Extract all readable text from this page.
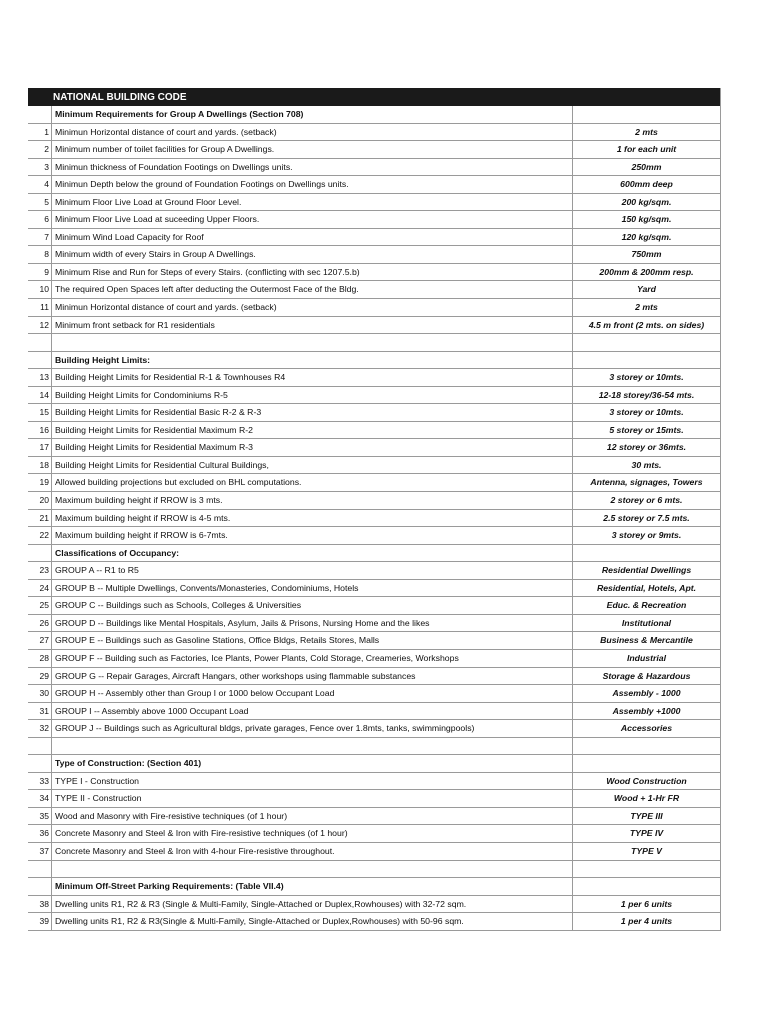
NATIONAL BUILDING CODE
Minimum Requirements for Group A Dwellings (Section 708)
1 Minimun Horizontal distance of court and yards. (setback)	2 mts
2 Minimum number of toilet facilities for Group A Dwellings.	1 for each unit
3 Minimun thickness of Foundation Footings on Dwellings units.	250mm
4 Minimun Depth below the ground of Foundation Footings on Dwellings units.	600mm deep
5 Minimum Floor Live Load at Ground Floor Level.	200 kg/sqm.
6 Minimum Floor Live Load at suceeding Upper Floors.	150 kg/sqm.
7 Minimum Wind Load Capacity for Roof	120 kg/sqm.
8 Minimum width of every Stairs in Group A Dwellings.	750mm
9 Minimum Rise and Run for Steps of every Stairs. (conflicting with sec 1207.5.b)	200mm & 200mm resp.
10 The required Open Spaces left after deducting the Outermost Face of the Bldg.	Yard
11 Minimun Horizontal distance of court and yards. (setback)	2 mts
12 Minimum front setback for R1 residentials	4.5 m front (2 mts. on sides)
Building Height Limits:
13 Building Height Limits for Residential R-1 & Townhouses R4	3 storey or 10mts.
14 Building Height Limits for Condominiums R-5	12-18 storey/36-54 mts.
15 Building Height Limits for Residential Basic R-2 & R-3	3 storey or 10mts.
16 Building Height Limits for Residential Maximum R-2	5 storey or 15mts.
17 Building Height Limits for Residential Maximum R-3	12 storey or 36mts.
18 Building Height Limits for Residential Cultural Buildings,	30 mts.
19 Allowed building projections but excluded on BHL computations.	Antenna, signages, Towers
20 Maximum building height if RROW is 3 mts.	2 storey or 6 mts.
21 Maximum building height if RROW is 4-5 mts.	2.5 storey or 7.5 mts.
22 Maximum building height if RROW is 6-7mts.	3 storey or 9mts.
Classifications of Occupancy:
23 GROUP A -- R1 to R5	Residential Dwellings
24 GROUP B -- Multiple Dwellings, Convents/Monasteries, Condominiums, Hotels	Residential, Hotels, Apt.
25 GROUP C -- Buildings such as Schools, Colleges & Universities	Educ. & Recreation
26 GROUP D -- Buildings like Mental Hospitals, Asylum, Jails & Prisons, Nursing Home and the likes	Institutional
27 GROUP E -- Buildings such as Gasoline Stations, Office Bldgs, Retails Stores, Malls	Business & Mercantile
28 GROUP F -- Building such as Factories, Ice Plants, Power Plants, Cold Storage, Creameries, Workshops	Industrial
29 GROUP G -- Repair Garages, Aircraft Hangars, other workshops using flammable substances	Storage & Hazardous
30 GROUP H -- Assembly other than Group I or 1000 below Occupant Load	Assembly - 1000
31 GROUP I -- Assembly above 1000 Occupant Load	Assembly +1000
32 GROUP J -- Buildings such as Agricultural bldgs, private garages, Fence over 1.8mts, tanks, swimmingpools)	Accessories
Type of Construction: (Section 401)
33 TYPE I - Construction	Wood Construction
34 TYPE II - Construction	Wood + 1-Hr FR
35 Wood and Masonry with Fire-resistive techniques (of 1 hour)	TYPE III
36 Concrete Masonry and Steel & Iron with Fire-resistive techniques (of 1 hour)	TYPE IV
37 Concrete Masonry and Steel & Iron with 4-hour Fire-resistive throughout.	TYPE V
Minimum Off-Street Parking Requirements: (Table VII.4)
38 Dwelling units R1, R2 & R3 (Single & Multi-Family, Single-Attached or Duplex,Rowhouses) with 32-72 sqm.	1 per 6 units
39 Dwelling units R1, R2 & R3(Single & Multi-Family, Single-Attached or Duplex,Rowhouses) with 50-96 sqm.	1 per 4 units
